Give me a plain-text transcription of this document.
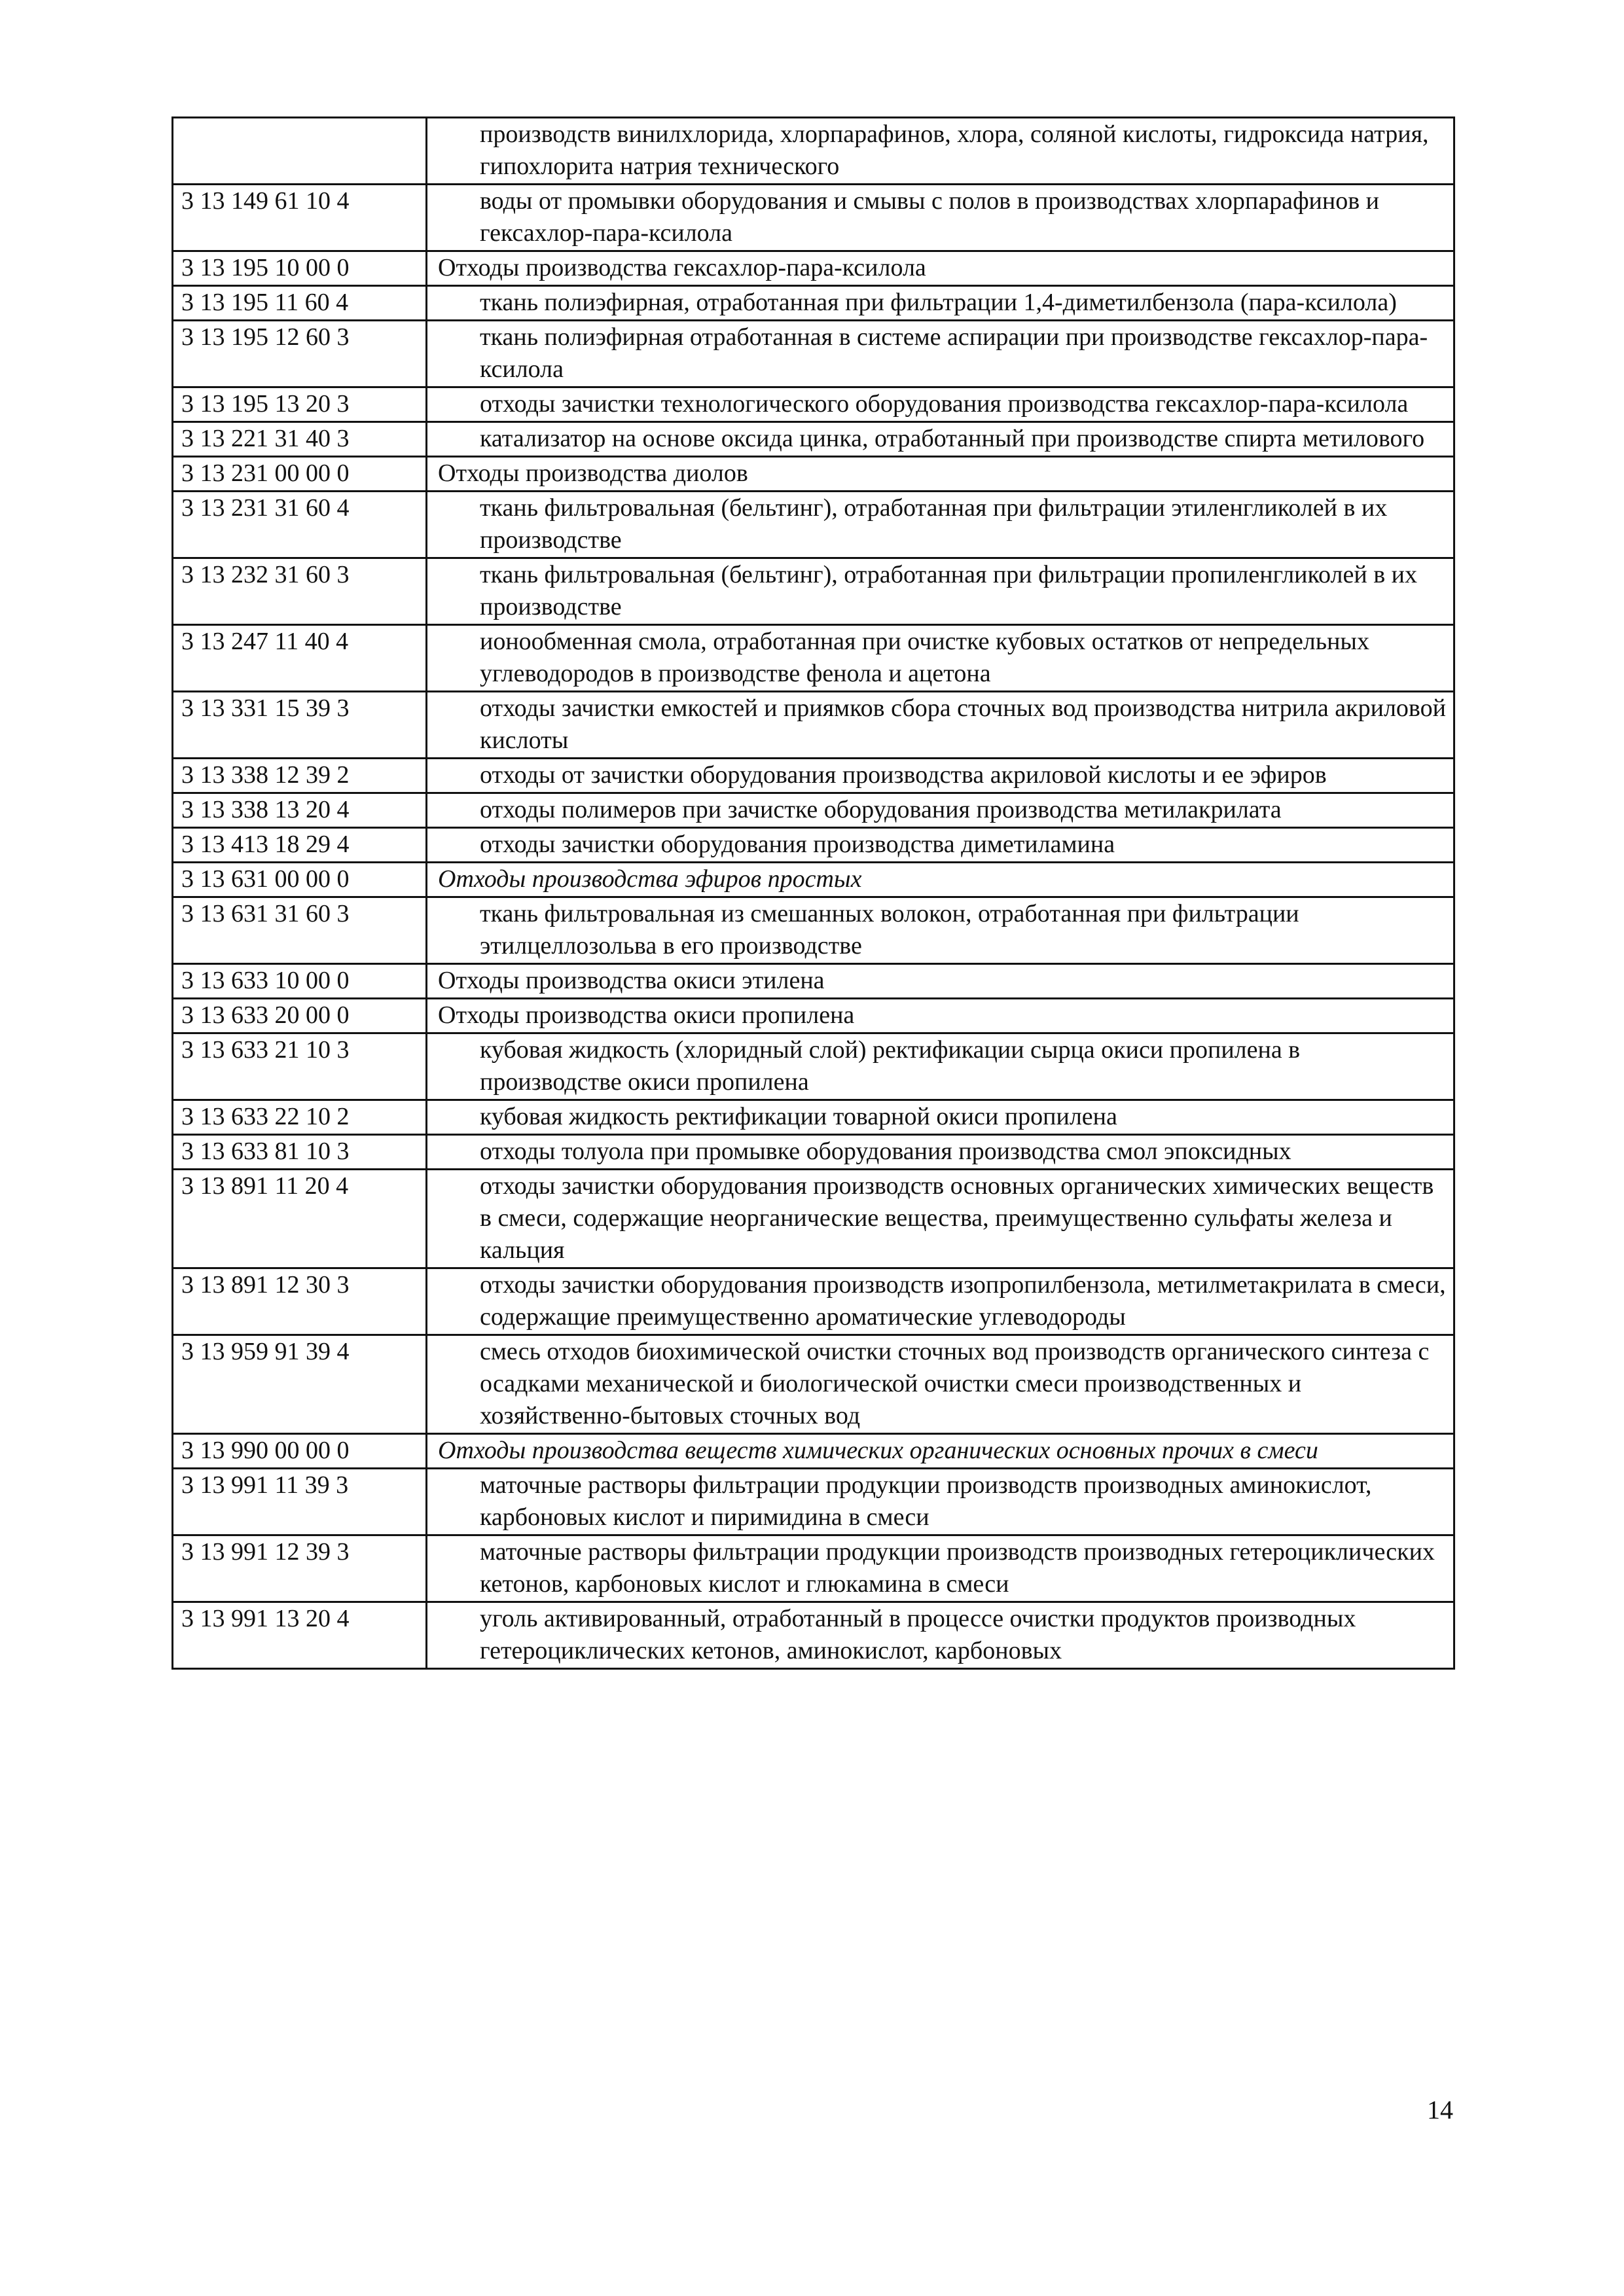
	производств винилхлорида, хлорпарафинов, хлора, соляной кислоты, гидроксида натрия, гипохлорита натрия технического
3 13 149 61 10 4	воды от промывки оборудования и смывы с полов в производствах хлорпарафинов и гексахлор-пара-ксилола
3 13 195 10 00 0	Отходы производства гексахлор-пара-ксилола
3 13 195 11 60 4	ткань полиэфирная, отработанная при фильтрации 1,4-диметилбензола (пара-ксилола)
3 13 195 12 60 3	ткань полиэфирная отработанная в системе аспирации при производстве гексахлор-пара-ксилола
3 13 195 13 20 3	отходы зачистки технологического оборудования производства гексахлор-пара-ксилола
3 13 221 31 40 3	катализатор на основе оксида цинка, отработанный при производстве спирта метилового
3 13 231 00 00 0	Отходы производства диолов
3 13 231 31 60 4	ткань фильтровальная (бельтинг), отработанная при фильтрации этиленгликолей в их производстве
3 13 232 31 60 3	ткань фильтровальная (бельтинг), отработанная при фильтрации пропиленгликолей в их производстве
3 13 247 11 40 4	ионообменная смола, отработанная при очистке кубовых остатков от непредельных углеводородов в производстве фенола и ацетона
3 13 331 15 39 3	отходы зачистки емкостей и приямков сбора сточных вод производства нитрила акриловой кислоты
3 13 338 12 39 2	отходы от зачистки оборудования производства акриловой кислоты и ее эфиров
3 13 338 13 20 4	отходы полимеров при зачистке оборудования производства метилакрилата
3 13 413 18 29 4	отходы зачистки оборудования производства диметиламина
3 13 631 00 00 0	Отходы производства эфиров простых
3 13 631 31 60 3	ткань фильтровальная из смешанных волокон, отработанная при фильтрации этилцеллозольва в его производстве
3 13 633 10 00 0	Отходы производства окиси этилена
3 13 633 20 00 0	Отходы производства окиси пропилена
3 13 633 21 10 3	кубовая жидкость (хлоридный слой) ректификации сырца окиси пропилена в производстве окиси пропилена
3 13 633 22 10 2	кубовая жидкость ректификации товарной окиси пропилена
3 13 633 81 10 3	отходы толуола при промывке оборудования производства смол эпоксидных
3 13 891 11 20 4	отходы зачистки оборудования производств основных органических химических веществ в смеси, содержащие неорганические вещества, преимущественно сульфаты железа и кальция
3 13 891 12 30 3	отходы зачистки оборудования производств изопропилбензола, метилметакрилата в смеси, содержащие преимущественно ароматические углеводороды
3 13 959 91 39 4	смесь отходов биохимической очистки сточных вод производств органического синтеза с осадками механической и биологической очистки смеси производственных и хозяйственно-бытовых сточных вод
3 13 990 00 00 0	Отходы производства веществ химических органических основных прочих в смеси
3 13 991 11 39 3	маточные растворы фильтрации продукции производств производных аминокислот, карбоновых кислот и пиримидина в смеси
3 13 991 12 39 3	маточные растворы фильтрации продукции производств производных гетероциклических кетонов, карбоновых кислот и глюкамина в смеси
3 13 991 13 20 4	уголь активированный, отработанный в процессе очистки продуктов производных гетероциклических кетонов, аминокислот, карбоновых
14
